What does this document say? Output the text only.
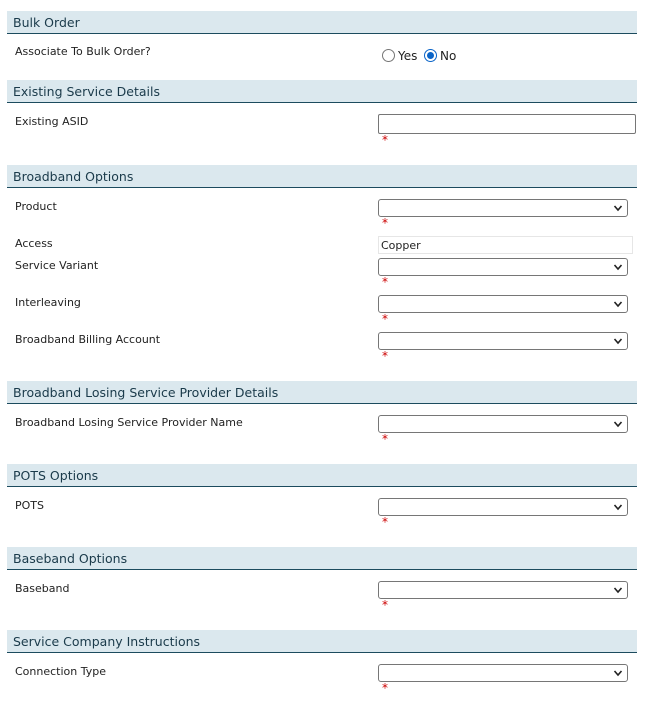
Bulk Order
Associate To Bulk Order?	Yes No
Existing Service Details
Existing ASID
*
Broadband Options
Product
*
Access	Copper
Service Variant
*
Interleaving
*
Broadband Billing Account
*
Broadband Losing Service Provider Details
Broadband Losing Service Provider Name
*
POTS Options
POTS
*
Baseband Options
Baseband
*
Service Company Instructions
Connection Type
*
